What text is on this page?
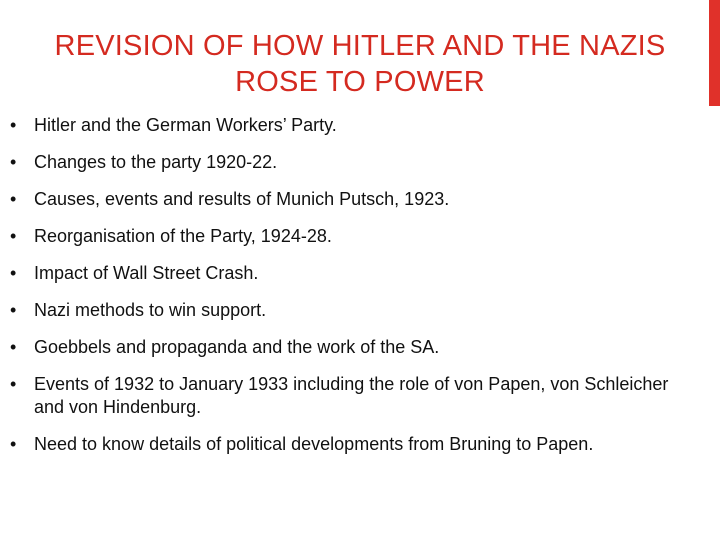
REVISION OF HOW HITLER AND THE NAZIS ROSE TO POWER
• Hitler and the German Workers’ Party.
• Changes to the party 1920-22.
• Causes, events and results of Munich Putsch, 1923.
• Reorganisation of the Party, 1924-28.
• Impact of Wall Street Crash.
• Nazi methods to win support.
• Goebbels and propaganda and the work of the SA.
• Events of 1932 to January 1933 including the role of von Papen, von Schleicher and von Hindenburg.
• Need to know details of political developments from Bruning to Papen.
